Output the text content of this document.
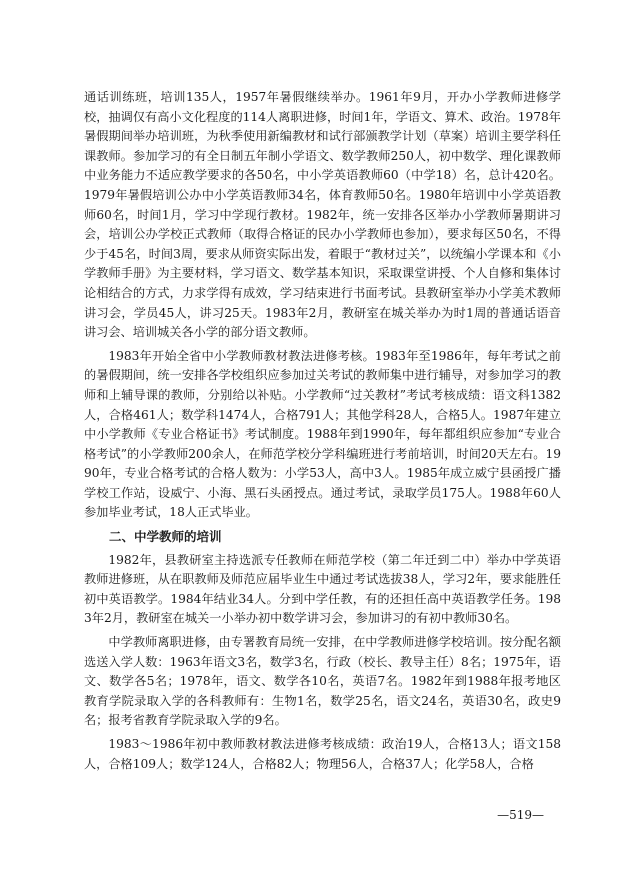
通话训练班，培训135人，1957年暑假继续举办。1961年9月，开办小学教师进修学校，抽调仅有高小文化程度的114人离职进修，时间1年，学语文、算术、政治。1978年暑假期间举办培训班，为秋季使用新编教材和试行部颁教学计划（草案）培训主要学科任课教师。参加学习的有全日制五年制小学语文、数学教师250人，初中数学、理化课教师中业务能力不适应教学要求的各50名，中小学英语教师60（中学18）名，总计420名。1979年暑假培训公办中小学英语教师34名，体育教师50名。1980年培训中小学英语教师60名，时间1月，学习中学现行教材。1982年，统一安排各区举办小学教师暑期讲习会，培训公办学校正式教师（取得合格证的民办小学教师也参加），要求每区50名，不得少于45名，时间3周，要求从师资实际出发，着眼于“教材过关”，以统编小学课本和《小学教师手册》为主要材料，学习语文、数学基本知识，采取课堂讲授、个人自修和集体讨论相结合的方式，力求学得有成效，学习结束进行书面考试。县教研室举办小学美术教师讲习会，学员45人，讲习25天。1983年2月，教研室在城关举办为时1周的普通话语音讲习会、培训城关各小学的部分语文教师。

1983年开始全省中小学教师教材教法进修考核。1983年至1986年，每年考试之前的暑假期间，统一安排各学校组织应参加过关考试的教师集中进行辅导，对参加学习的教师和上辅导课的教师，分别给以补贴。小学教师“过关教材”考试考核成绩：语文科1382人，合格461人；数学科1474人，合格791人；其他学科28人，合格5人。1987年建立中小学教师《专业合格证书》考试制度。1988年到1990年，每年都组织应参加“专业合格考试”的小学教师200余人，在师范学校分学科编班进行考前培训，时间20天左右。1990年，专业合格考试的合格人数为：小学53人，高中3人。1985年成立威宁县函授广播学校工作站，设威宁、小海、黑石头函授点。通过考试，录取学员175人。1988年60人参加毕业考试，18人正式毕业。

二、中学教师的培训

1982年，县教研室主持选派专任教师在师范学校（第二年迁到二中）举办中学英语教师进修班，从在职教师及师范应届毕业生中通过考试选拔38人，学习2年，要求能胜任初中英语教学。1984年结业34人。分到中学任教，有的还担任高中英语教学任务。1983年2月，教研室在城关一小举办初中数学讲习会，参加讲习的有初中教师30名。

中学教师离职进修，由专署教育局统一安排，在中学教师进修学校培训。按分配名额选送入学人数：1963年语文3名，数学3名，行政（校长、教导主任）8名；1975年，语文、数学各5名；1978年，语文、数学各10名，英语7名。1982年到1988年报考地区教育学院录取入学的各科教师有：生物1名，数学25名，语文24名，英语30名，政史9名；报考省教育学院录取入学的9名。

1983～1986年初中教师教材教法进修考核成绩：政治19人，合格13人；语文158人，合格109人；数学124人，合格82人；物理56人，合格37人；化学58人，合格

—519—
